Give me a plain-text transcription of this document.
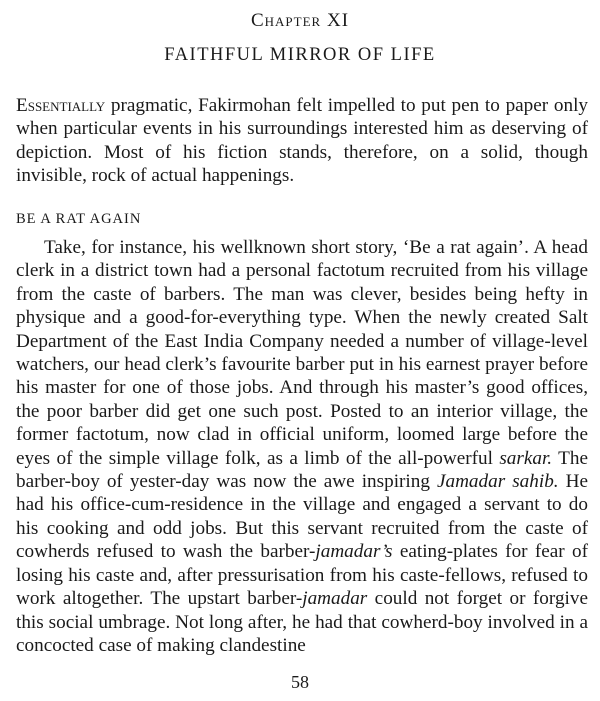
Chapter XI
FAITHFUL MIRROR OF LIFE

Essentially pragmatic, Fakirmohan felt impelled to put pen to paper only when particular events in his surroundings interested him as deserving of depiction. Most of his fiction stands, therefore, on a solid, though invisible, rock of actual happenings.

BE A RAT AGAIN

Take, for instance, his wellknown short story, ‘Be a rat again’. A head clerk in a district town had a personal factotum recruited from his village from the caste of barbers. The man was clever, besides being hefty in physique and a good-for-everything type. When the newly created Salt Department of the East India Company needed a number of village-level watchers, our head clerk’s favourite barber put in his earnest prayer before his master for one of those jobs. And through his master’s good offices, the poor barber did get one such post. Posted to an interior village, the former factotum, now clad in official uniform, loomed large before the eyes of the simple village folk, as a limb of the all-powerful sarkar. The barber-boy of yester-day was now the awe inspiring Jamadar sahib. He had his office-cum-residence in the village and engaged a servant to do his cooking and odd jobs. But this servant recruited from the caste of cowherds refused to wash the barber-jamadar’s eating-plates for fear of losing his caste and, after pressurisation from his caste-fellows, refused to work altogether. The upstart barber-jamadar could not forget or forgive this social umbrage. Not long after, he had that cowherd-boy involved in a concocted case of making clandestine

58
